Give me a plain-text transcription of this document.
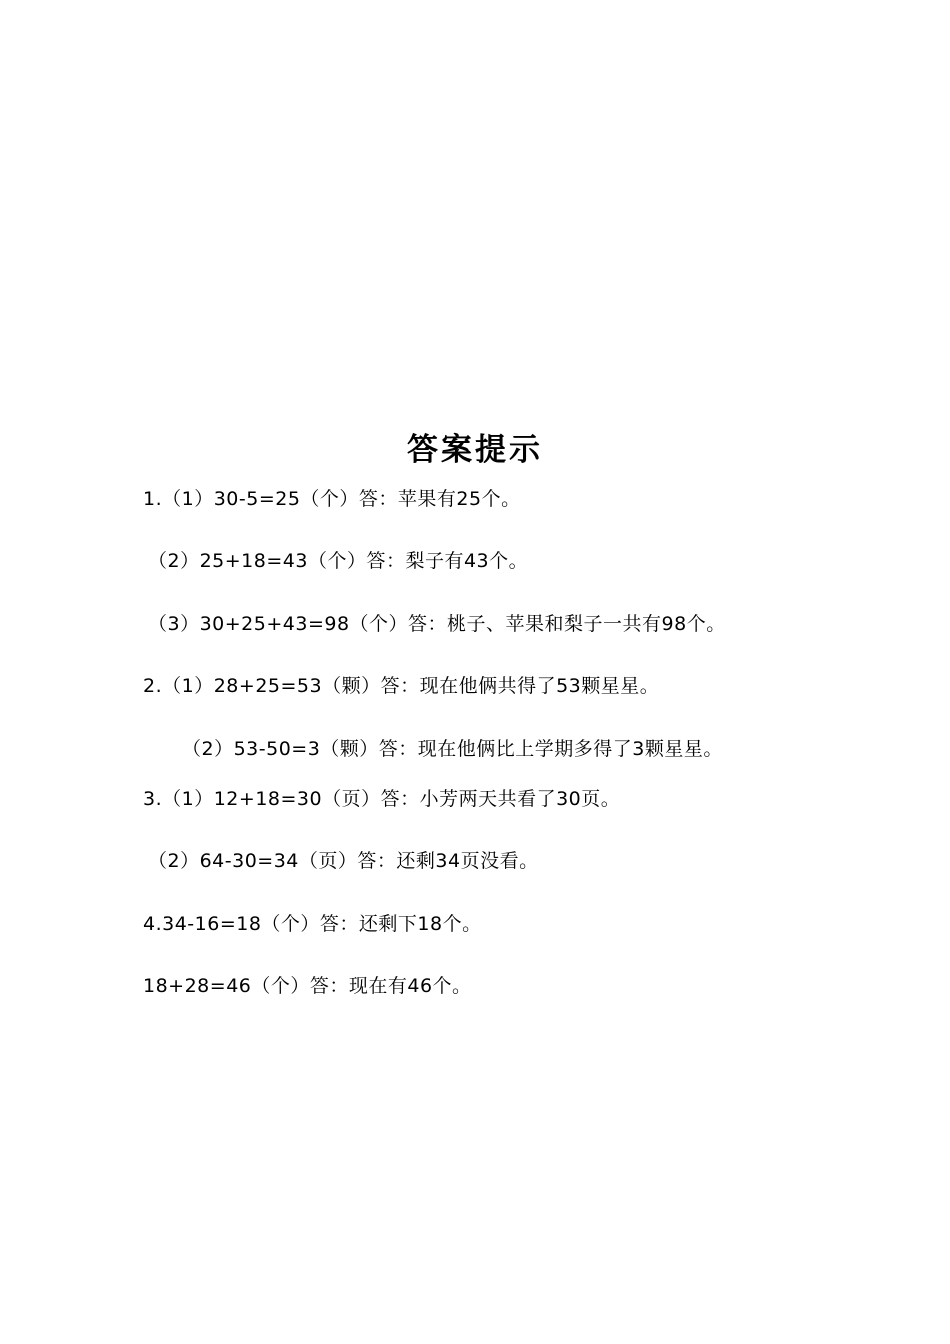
答案提示
1.（1）30-5=25（个）答：苹果有25个。
（2）25+18=43（个）答：梨子有43个。
（3）30+25+43=98（个）答：桃子、苹果和梨子一共有98个。
2.（1）28+25=53（颗）答：现在他俩共得了53颗星星。
（2）53-50=3（颗）答：现在他俩比上学期多得了3颗星星。
3.（1）12+18=30（页）答：小芳两天共看了30页。
（2）64-30=34（页）答：还剩34页没看。
4.34-16=18（个）答：还剩下18个。
18+28=46（个）答：现在有46个。
